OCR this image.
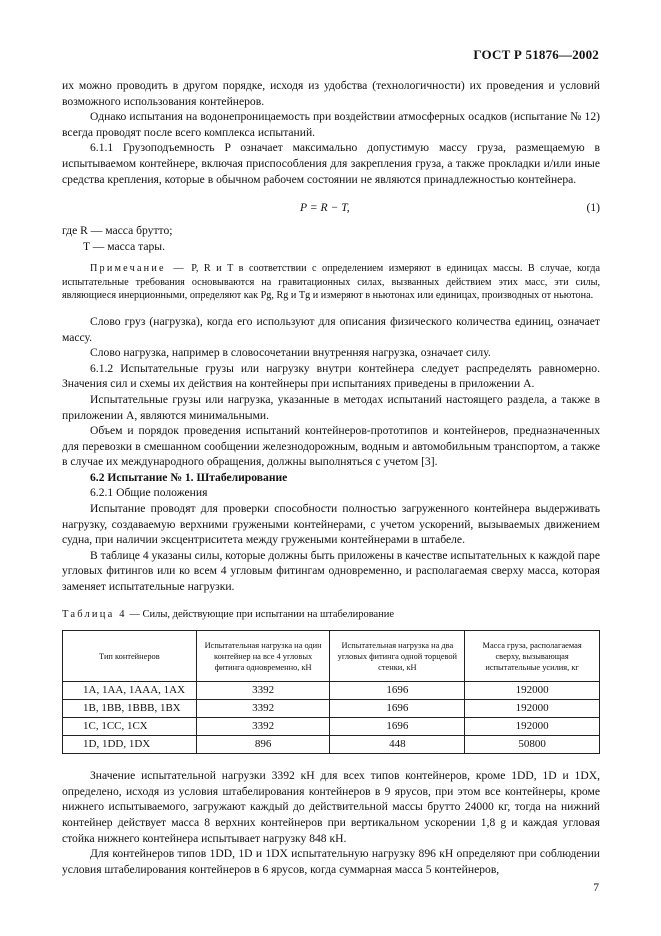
ГОСТ Р 51876—2002

их можно проводить в другом порядке, исходя из удобства (технологичности) их проведения и условий возможного использования контейнеров.

Однако испытания на водонепроницаемость при воздействии атмосферных осадков (испытание № 12) всегда проводят после всего комплекса испытаний.

6.1.1 Грузоподъемность P означает максимально допустимую массу груза, размещаемую в испытываемом контейнере, включая приспособления для закрепления груза, а также прокладки и/или иные средства крепления, которые в обычном рабочем состоянии не являются принадлежностью контейнера.

P = R − T,	(1)

где R — масса брутто;

T — масса тары.

Примечание — P, R и T в соответствии с определением измеряют в единицах массы. В случае, когда испытательные требования основываются на гравитационных силах, вызванных действием этих масс, эти силы, являющиеся инерционными, определяют как Pg, Rg и Tg и измеряют в ньютонах или единицах, производных от ньютона.

Слово груз (нагрузка), когда его используют для описания физического количества единиц, означает массу.

Слово нагрузка, например в словосочетании внутренняя нагрузка, означает силу.

6.1.2 Испытательные грузы или нагрузку внутри контейнера следует распределять равномерно. Значения сил и схемы их действия на контейнеры при испытаниях приведены в приложении А.

Испытательные грузы или нагрузка, указанные в методах испытаний настоящего раздела, а также в приложении А, являются минимальными.

Объем и порядок проведения испытаний контейнеров-прототипов и контейнеров, предназначенных для перевозки в смешанном сообщении железнодорожным, водным и автомобильным транспортом, а также в случае их международного обращения, должны выполняться с учетом [3].

6.2 Испытание № 1. Штабелирование

6.2.1 Общие положения

Испытание проводят для проверки способности полностью загруженного контейнера выдерживать нагрузку, создаваемую верхними гружеными контейнерами, с учетом ускорений, вызываемых движением судна, при наличии эксцентриситета между гружеными контейнерами в штабеле.

В таблице 4 указаны силы, которые должны быть приложены в качестве испытательных к каждой паре угловых фитингов или ко всем 4 угловым фитингам одновременно, и располагаемая сверху масса, которая заменяет испытательные нагрузки.

Таблица 4 — Силы, действующие при испытании на штабелирование

Тип контейнеров	Испытательная нагрузка на один контейнер на все 4 угловых фитинга одновременно, кН	Испытательная нагрузка на два угловых фитинга одной торцевой стенки, кН	Масса груза, располагаемая сверху, вызывающая испытательные усилия, кг
1А, 1АА, 1ААА, 1АХ	3392	1696	192000
1В, 1ВВ, 1ВВВ, 1ВХ	3392	1696	192000
1С, 1СС, 1СХ	3392	1696	192000
1D, 1DD, 1DX	896	448	50800

Значение испытательной нагрузки 3392 кН для всех типов контейнеров, кроме 1DD, 1D и 1DX, определено, исходя из условия штабелирования контейнеров в 9 ярусов, при этом все контейнеры, кроме нижнего испытываемого, загружают каждый до действительной массы брутто 24000 кг, тогда на нижний контейнер действует масса 8 верхних контейнеров при вертикальном ускорении 1,8 g и каждая угловая стойка нижнего контейнера испытывает нагрузку 848 кН.

Для контейнеров типов 1DD, 1D и 1DX испытательную нагрузку 896 кН определяют при соблюдении условия штабелирования контейнеров в 6 ярусов, когда суммарная масса 5 контейнеров,

7
